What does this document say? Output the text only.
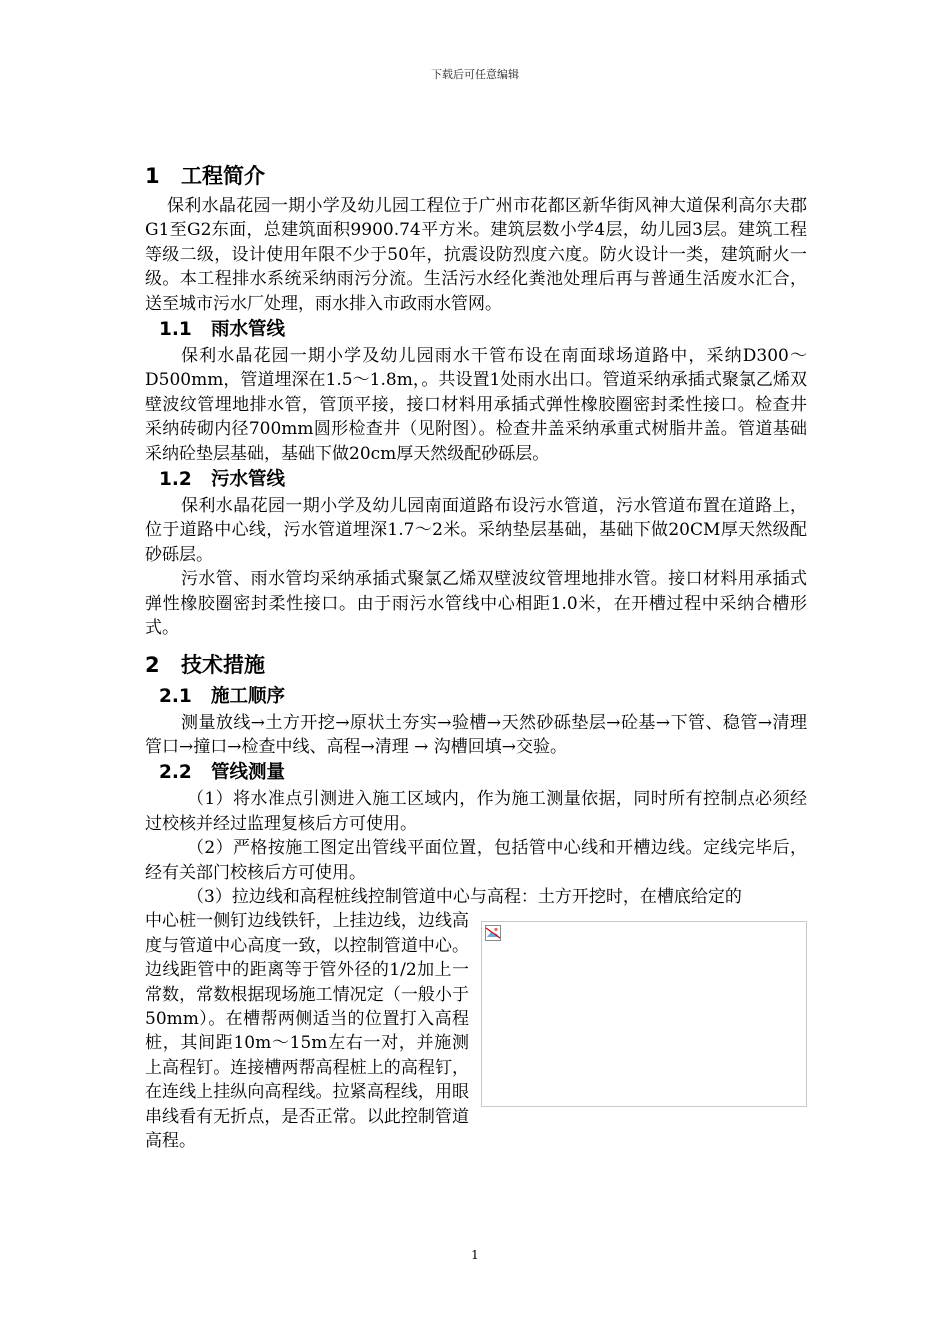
下载后可任意编辑
1 工程简介

保利水晶花园一期小学及幼儿园工程位于广州市花都区新华街风神大道保利高尔夫郡G1至G2东面，总建筑面积9900.74平方米。建筑层数小学4层，幼儿园3层。建筑工程等级二级，设计使用年限不少于50年，抗震设防烈度六度。防火设计一类，建筑耐火一级。本工程排水系统采纳雨污分流。生活污水经化粪池处理后再与普通生活废水汇合，送至城市污水厂处理，雨水排入市政雨水管网。

1.1 雨水管线

保利水晶花园一期小学及幼儿园雨水干管布设在南面球场道路中，采纳D300～D500mm，管道埋深在1.5～1.8m，。共设置1处雨水出口。管道采纳承插式聚氯乙烯双壁波纹管埋地排水管，管顶平接，接口材料用承插式弹性橡胶圈密封柔性接口。检查井采纳砖砌内径700mm圆形检查井（见附图）。检查井盖采纳承重式树脂井盖。管道基础采纳砼垫层基础，基础下做20cm厚天然级配砂砾层。

1.2 污水管线

保利水晶花园一期小学及幼儿园南面道路布设污水管道，污水管道布置在道路上，位于道路中心线，污水管道埋深1.7～2米。采纳垫层基础，基础下做20CM厚天然级配砂砾层。

污水管、雨水管均采纳承插式聚氯乙烯双壁波纹管埋地排水管。接口材料用承插式弹性橡胶圈密封柔性接口。由于雨污水管线中心相距1.0米，在开槽过程中采纳合槽形式。

2 技术措施
2.1 施工顺序

测量放线→土方开挖→原状土夯实→验槽→天然砂砾垫层→砼基→下管、稳管→清理管口→撞口→检查中线、高程→清理 → 沟槽回填→交验。

2.2 管线测量

（1）将水准点引测进入施工区域内，作为施工测量依据，同时所有控制点必须经过校核并经过监理复核后方可使用。

（2）严格按施工图定出管线平面位置，包括管中心线和开槽边线。定线完毕后，经有关部门校核后方可使用。

（3）拉边线和高程桩线控制管道中心与高程：土方开挖时，在槽底给定的

中心桩一侧钉边线铁钎，上挂边线，边线高度与管道中心高度一致，以控制管道中心。边线距管中的距离等于管外径的1/2加上一常数，常数根据现场施工情况定（一般小于50mm）。在槽帮两侧适当的位置打入高程桩，其间距10m～15m左右一对，并施测上高程钉。连接槽两帮高程桩上的高程钉，在连线上挂纵向高程线。拉紧高程线，用眼串线看有无折点，是否正常。以此控制管道高程。

1
